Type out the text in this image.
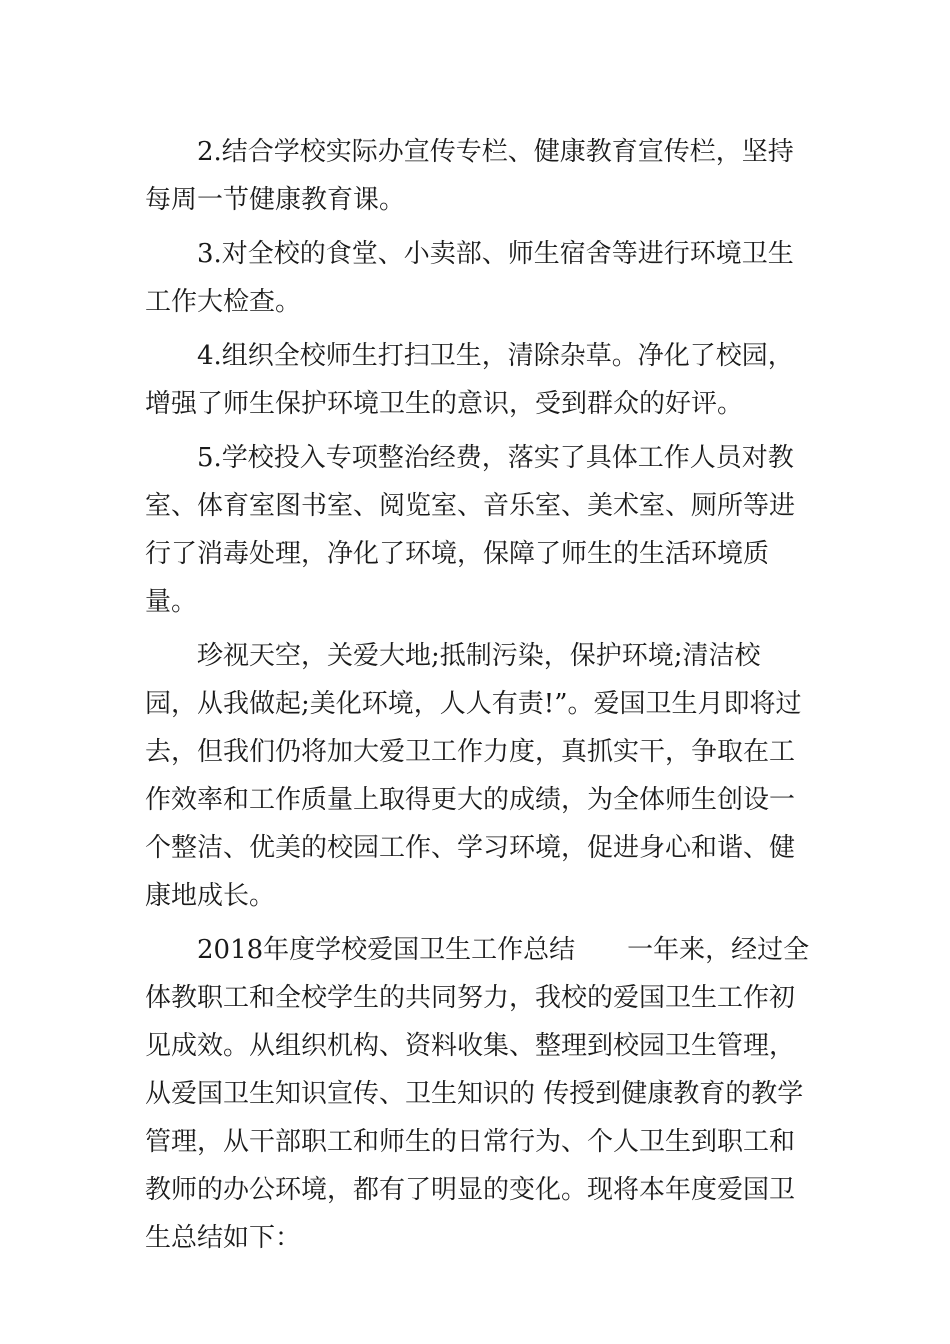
2.结合学校实际办宣传专栏、健康教育宣传栏，坚持每周一节健康教育课。

3.对全校的食堂、小卖部、师生宿舍等进行环境卫生工作大检查。

4.组织全校师生打扫卫生，清除杂草。净化了校园，增强了师生保护环境卫生的意识，受到群众的好评。

5.学校投入专项整治经费，落实了具体工作人员对教室、体育室图书室、阅览室、音乐室、美术室、厕所等进行了消毒处理，净化了环境，保障了师生的生活环境质量。

珍视天空，关爱大地;抵制污染，保护环境;清洁校园，从我做起;美化环境，人人有责!”。爱国卫生月即将过去，但我们仍将加大爱卫工作力度，真抓实干，争取在工作效率和工作质量上取得更大的成绩，为全体师生创设一个整洁、优美的校园工作、学习环境，促进身心和谐、健康地成长。

2018年度学校爱国卫生工作总结　　一年来，经过全体教职工和全校学生的共同努力，我校的爱国卫生工作初见成效。从组织机构、资料收集、整理到校园卫生管理，从爱国卫生知识宣传、卫生知识的 传授到健康教育的教学管理，从干部职工和师生的日常行为、个人卫生到职工和教师的办公环境，都有了明显的变化。现将本年度爱国卫生总结如下：
